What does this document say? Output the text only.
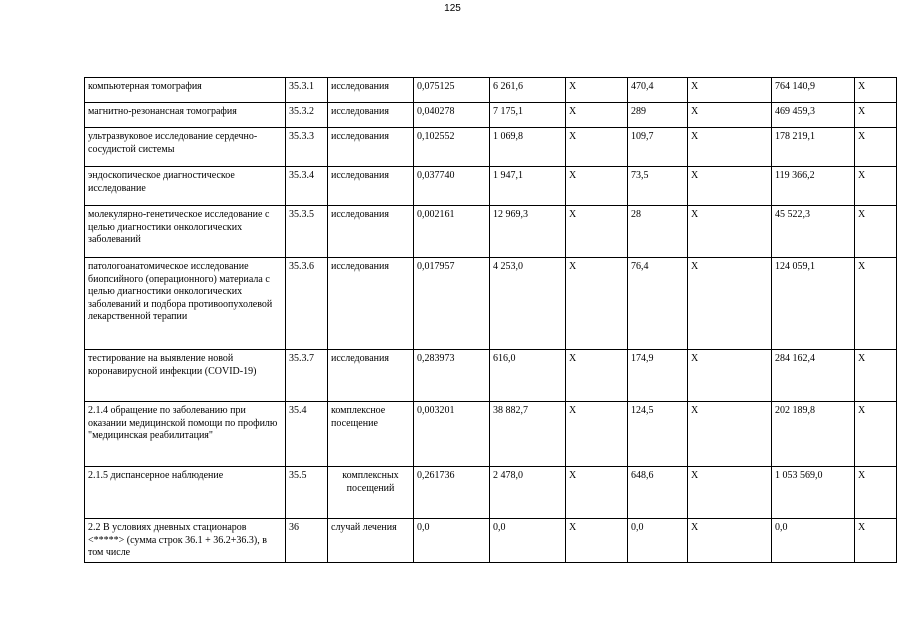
125
компьютерная томография	35.3.1	исследования	0,075125	6 261,6	X	470,4	X	764 140,9	X
магнитно-резонансная томография	35.3.2	исследования	0,040278	7 175,1	X	289	X	469 459,3	X
ультразвуковое исследование сердечно-сосудистой системы	35.3.3	исследования	0,102552	1 069,8	X	109,7	X	178 219,1	X
эндоскопическое диагностическое исследование	35.3.4	исследования	0,037740	1 947,1	X	73,5	X	119 366,2	X
молекулярно-генетическое исследование с целью диагностики онкологических заболеваний	35.3.5	исследования	0,002161	12 969,3	X	28	X	45 522,3	X
патологоанатомическое исследование биопсийного (операционного) материала с целью диагностики онкологических заболеваний и подбора противоопухолевой лекарственной терапии	35.3.6	исследования	0,017957	4 253,0	X	76,4	X	124 059,1	X
тестирование на выявление новой коронавирусной инфекции (COVID-19)	35.3.7	исследования	0,283973	616,0	X	174,9	X	284 162,4	X
2.1.4 обращение по заболеванию при оказании медицинской помощи по профилю "медицинская реабилитация"	35.4	комплексное посещение	0,003201	38 882,7	X	124,5	X	202 189,8	X
2.1.5 диспансерное наблюдение	35.5	комплексных посещений	0,261736	2 478,0	X	648,6	X	1 053 569,0	X
2.2 В условиях дневных стационаров <*****> (сумма строк 36.1 + 36.2+36.3), в том числе	36	случай лечения	0,0	0,0	X	0,0	X	0,0	X
